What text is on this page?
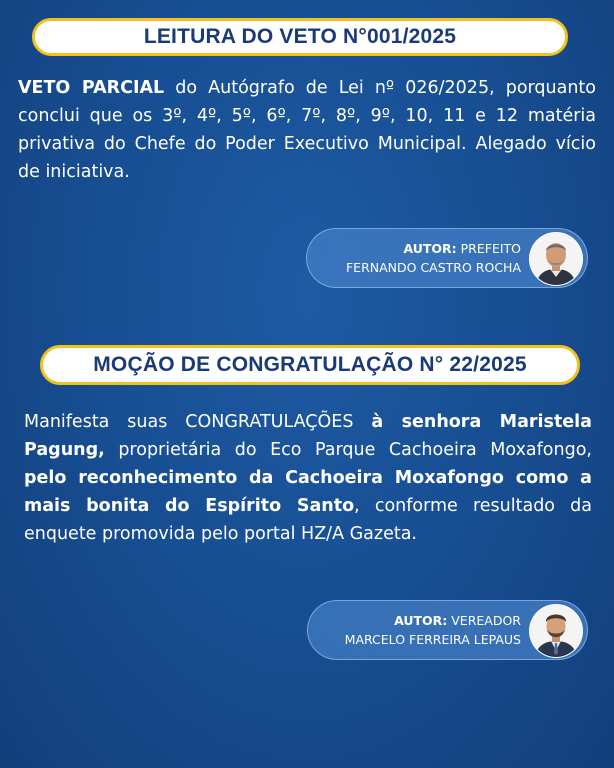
LEITURA DO VETO N°001/2025

VETO PARCIAL do Autógrafo de Lei nº 026/2025, porquanto conclui que os 3º, 4º, 5º, 6º, 7º, 8º, 9º, 10, 11 e 12 matéria privativa do Chefe do Poder Executivo Municipal. Alegado vício de iniciativa.

AUTOR: PREFEITO
FERNANDO CASTRO ROCHA
MOÇÃO DE CONGRATULAÇÃO N° 22/2025

Manifesta suas CONGRATULAÇÕES à senhora Maristela Pagung, proprietária do Eco Parque Cachoeira Moxafongo, pelo reconhecimento da Cachoeira Moxafongo como a mais bonita do Espírito Santo, conforme resultado da enquete promovida pelo portal HZ/A Gazeta.

AUTOR: VEREADOR
MARCELO FERREIRA LEPAUS
